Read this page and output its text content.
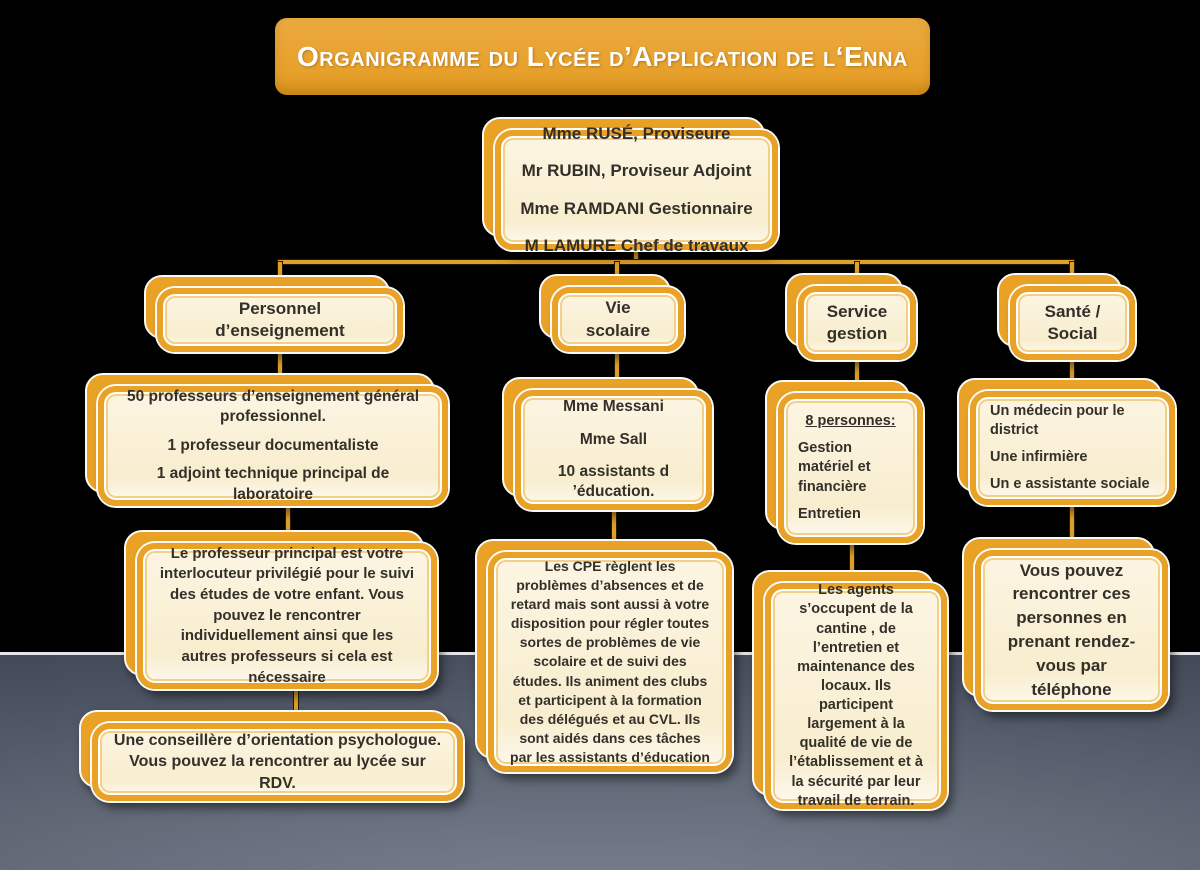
Organigramme du Lycée d’Application de l‘Enna
Mme RUSÉ, Proviseure
Mr RUBIN, Proviseur Adjoint
Mme RAMDANI Gestionnaire
M LAMURE Chef de travaux
Personnel d’enseignement
50 professeurs d’enseignement général professionnel.
1 professeur documentaliste
1 adjoint technique principal de laboratoire
Le professeur principal est votre interlocuteur privilégié pour le suivi des études de votre enfant. Vous pouvez le rencontrer individuellement ainsi que les autres professeurs si cela est nécessaire
Une conseillère d’orientation psychologue. Vous pouvez la rencontrer au lycée sur RDV.
Vie scolaire
Mme Messani
Mme Sall
10 assistants d ’éducation.
Les CPE règlent les problèmes d’absences et de retard mais sont aussi à votre disposition pour régler toutes sortes de problèmes de vie scolaire et de suivi des études. Ils animent des clubs et participent à la formation des délégués et au CVL. Ils sont aidés dans ces tâches par les assistants d’éducation
Service
gestion
8 personnes:
Gestion matériel et financière
Entretien
Les agents s’occupent de la cantine , de l’entretien et maintenance des locaux. Ils participent largement à la qualité de vie de l’établissement et à la sécurité par leur travail de terrain.
Santé /
Social
Un médecin pour le district
Une infirmière
Un e assistante sociale
Vous pouvez rencontrer ces personnes en prenant rendez-vous par téléphone
